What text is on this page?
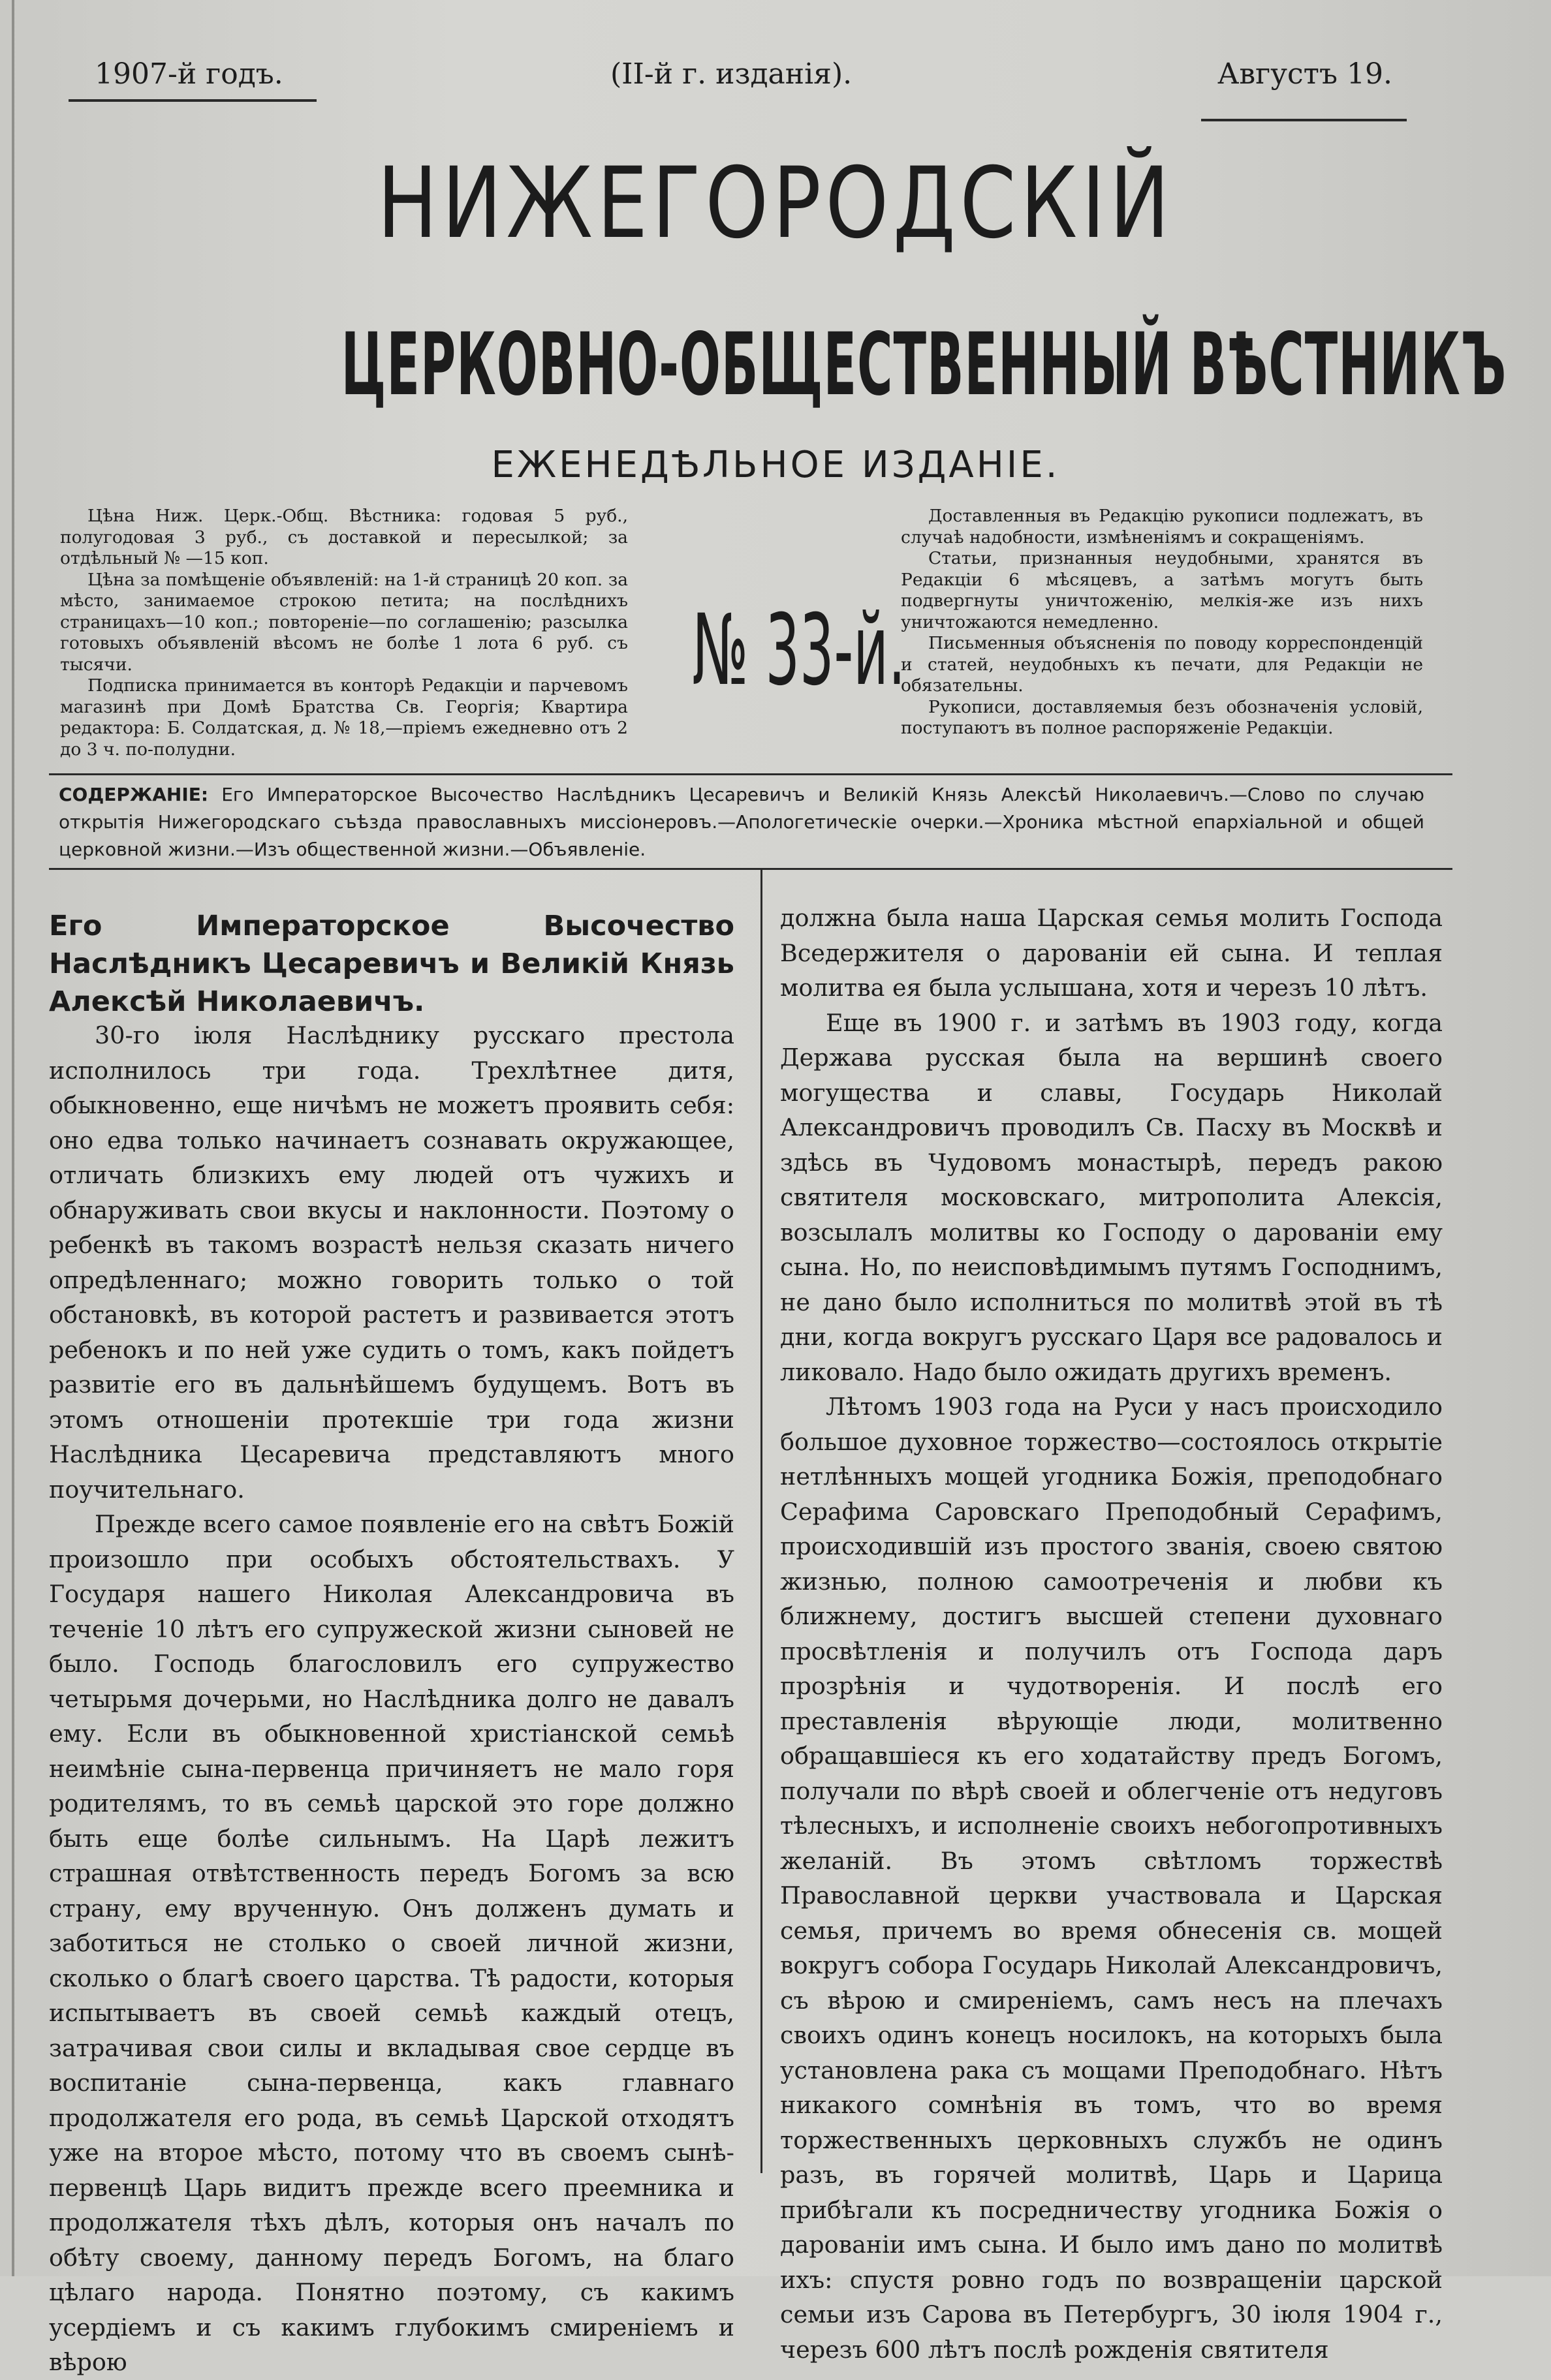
1907-й годъ.	(II-й г. изданія).	Августъ 19.
НИЖЕГОРОДСКІЙ
ЦЕРКОВНО-ОБЩЕСТВЕННЫЙ ВѢСТНИКЪ
ЕЖЕНЕДѢЛЬНОЕ ИЗДАНІЕ.

Цѣна Ниж. Церк.-Общ. Вѣстника: годовая 5 руб., полугодовая 3 руб., съ доставкой и пересылкой; за отдѣльный № —15 коп.

Цѣна за помѣщеніе объявленій: на 1-й страницѣ 20 коп. за мѣсто, занимаемое строкою петита; на послѣднихъ страницахъ—10 коп.; повтореніе—по соглашенію; разсылка готовыхъ объявленій вѣсомъ не болѣе 1 лота 6 руб. съ тысячи.

Подписка принимается въ конторѣ Редакціи и парчевомъ магазинѣ при Домѣ Братства Св. Георгія; Квартира редактора: Б. Солдатская, д. № 18,—пріемъ ежедневно отъ 2 до 3 ч. по-полудни.

№ 33-й.

Доставленныя въ Редакцію рукописи подлежатъ, въ случаѣ надобности, измѣненіямъ и сокращеніямъ.

Статьи, признанныя неудобными, хранятся въ Редакціи 6 мѣсяцевъ, а затѣмъ могутъ быть подвергнуты уничтоженію, мелкія-же изъ нихъ уничтожаются немедленно.

Письменныя объясненія по поводу корреспонденцій и статей, неудобныхъ къ печати, для Редакціи не обязательны.

Рукописи, доставляемыя безъ обозначенія условій, поступаютъ въ полное распоряженіе Редакціи.

СОДЕРЖАНІЕ: Его Императорское Высочество Наслѣдникъ Цесаревичъ и Великій Князь Алексѣй Николаевичъ.—Слово по случаю открытія Нижегородскаго съѣзда православныхъ миссіонеровъ.—Апологетическіе очерки.—Хроника мѣстной епархіальной и общей церковной жизни.—Изъ общественной жизни.—Объявленіе.
Его Императорское Высочество Наслѣдникъ Цесаревичъ и Великій Князь Алексѣй Николаевичъ.

30-го іюля Наслѣднику русскаго престола исполнилось три года. Трехлѣтнее дитя, обыкновенно, еще ничѣмъ не можетъ проявить себя: оно едва только начинаетъ сознавать окружающее, отличать близкихъ ему людей отъ чужихъ и обнаруживать свои вкусы и наклонности. Поэтому о ребенкѣ въ такомъ возрастѣ нельзя сказать ничего опредѣленнаго; можно говорить только о той обстановкѣ, въ которой растетъ и развивается этотъ ребенокъ и по ней уже судить о томъ, какъ пойдетъ развитіе его въ дальнѣйшемъ будущемъ. Вотъ въ этомъ отношеніи протекшіе три года жизни Наслѣдника Цесаревича представляютъ много поучительнаго.

Прежде всего самое появленіе его на свѣтъ Божій произошло при особыхъ обстоятельствахъ. У Государя нашего Николая Александровича въ теченіе 10 лѣтъ его супружеской жизни сыновей не было. Господь благословилъ его супружество четырьмя дочерьми, но Наслѣдника долго не давалъ ему. Если въ обыкновенной христіанской семьѣ неимѣніе сына-первенца причиняетъ не мало горя родителямъ, то въ семьѣ царской это горе должно быть еще болѣе сильнымъ. На Царѣ лежитъ страшная отвѣтственность передъ Богомъ за всю страну, ему врученную. Онъ долженъ думать и заботиться не столько о своей личной жизни, сколько о благѣ своего царства. Тѣ радости, которыя испытываетъ въ своей семьѣ каждый отецъ, затрачивая свои силы и вкладывая свое сердце въ воспитаніе сына-первенца, какъ главнаго продолжателя его рода, въ семьѣ Царской отходятъ уже на второе мѣсто, потому что въ своемъ сынѣ-первенцѣ Царь видитъ прежде всего преемника и продолжателя тѣхъ дѣлъ, которыя онъ началъ по обѣту своему, данному передъ Богомъ, на благо цѣлаго народа. Понятно поэтому, съ какимъ усердіемъ и съ какимъ глубокимъ смиреніемъ и вѣрою

должна была наша Царская семья молить Господа Вседержителя о дарованіи ей сына. И теплая молитва ея была услышана, хотя и черезъ 10 лѣтъ.

Еще въ 1900 г. и затѣмъ въ 1903 году, когда Держава русская была на вершинѣ своего могущества и славы, Государь Николай Александровичъ проводилъ Св. Пасху въ Москвѣ и здѣсь въ Чудовомъ монастырѣ, передъ ракою святителя московскаго, митрополита Алексія, возсылалъ молитвы ко Господу о дарованіи ему сына. Но, по неисповѣдимымъ путямъ Господнимъ, не дано было исполниться по молитвѣ этой въ тѣ дни, когда вокругъ русскаго Царя все радовалось и ликовало. Надо было ожидать другихъ временъ.

Лѣтомъ 1903 года на Руси у насъ происходило большое духовное торжество—состоялось открытіе нетлѣнныхъ мощей угодника Божія, преподобнаго Серафима Саровскаго Преподобный Серафимъ, происходившій изъ простого званія, своею святою жизнью, полною самоотреченія и любви къ ближнему, достигъ высшей степени духовнаго просвѣтленія и получилъ отъ Господа даръ прозрѣнія и чудотворенія. И послѣ его преставленія вѣрующіе люди, молитвенно обращавшіеся къ его ходатайству предъ Богомъ, получали по вѣрѣ своей и облегченіе отъ недуговъ тѣлесныхъ, и исполненіе своихъ небогопротивныхъ желаній. Въ этомъ свѣтломъ торжествѣ Православной церкви участвовала и Царская семья, причемъ во время обнесенія св. мощей вокругъ собора Государь Николай Александровичъ, съ вѣрою и смиреніемъ, самъ несъ на плечахъ своихъ одинъ конецъ носилокъ, на которыхъ была установлена рака съ мощами Преподобнаго. Нѣтъ никакого сомнѣнія въ томъ, что во время торжественныхъ церковныхъ службъ не одинъ разъ, въ горячей молитвѣ, Царь и Царица прибѣгали къ посредничеству угодника Божія о дарованіи имъ сына. И было имъ дано по молитвѣ ихъ: спустя ровно годъ по возвращеніи царской семьи изъ Сарова въ Петербургъ, 30 іюля 1904 г., черезъ 600 лѣтъ послѣ рожденія святителя
